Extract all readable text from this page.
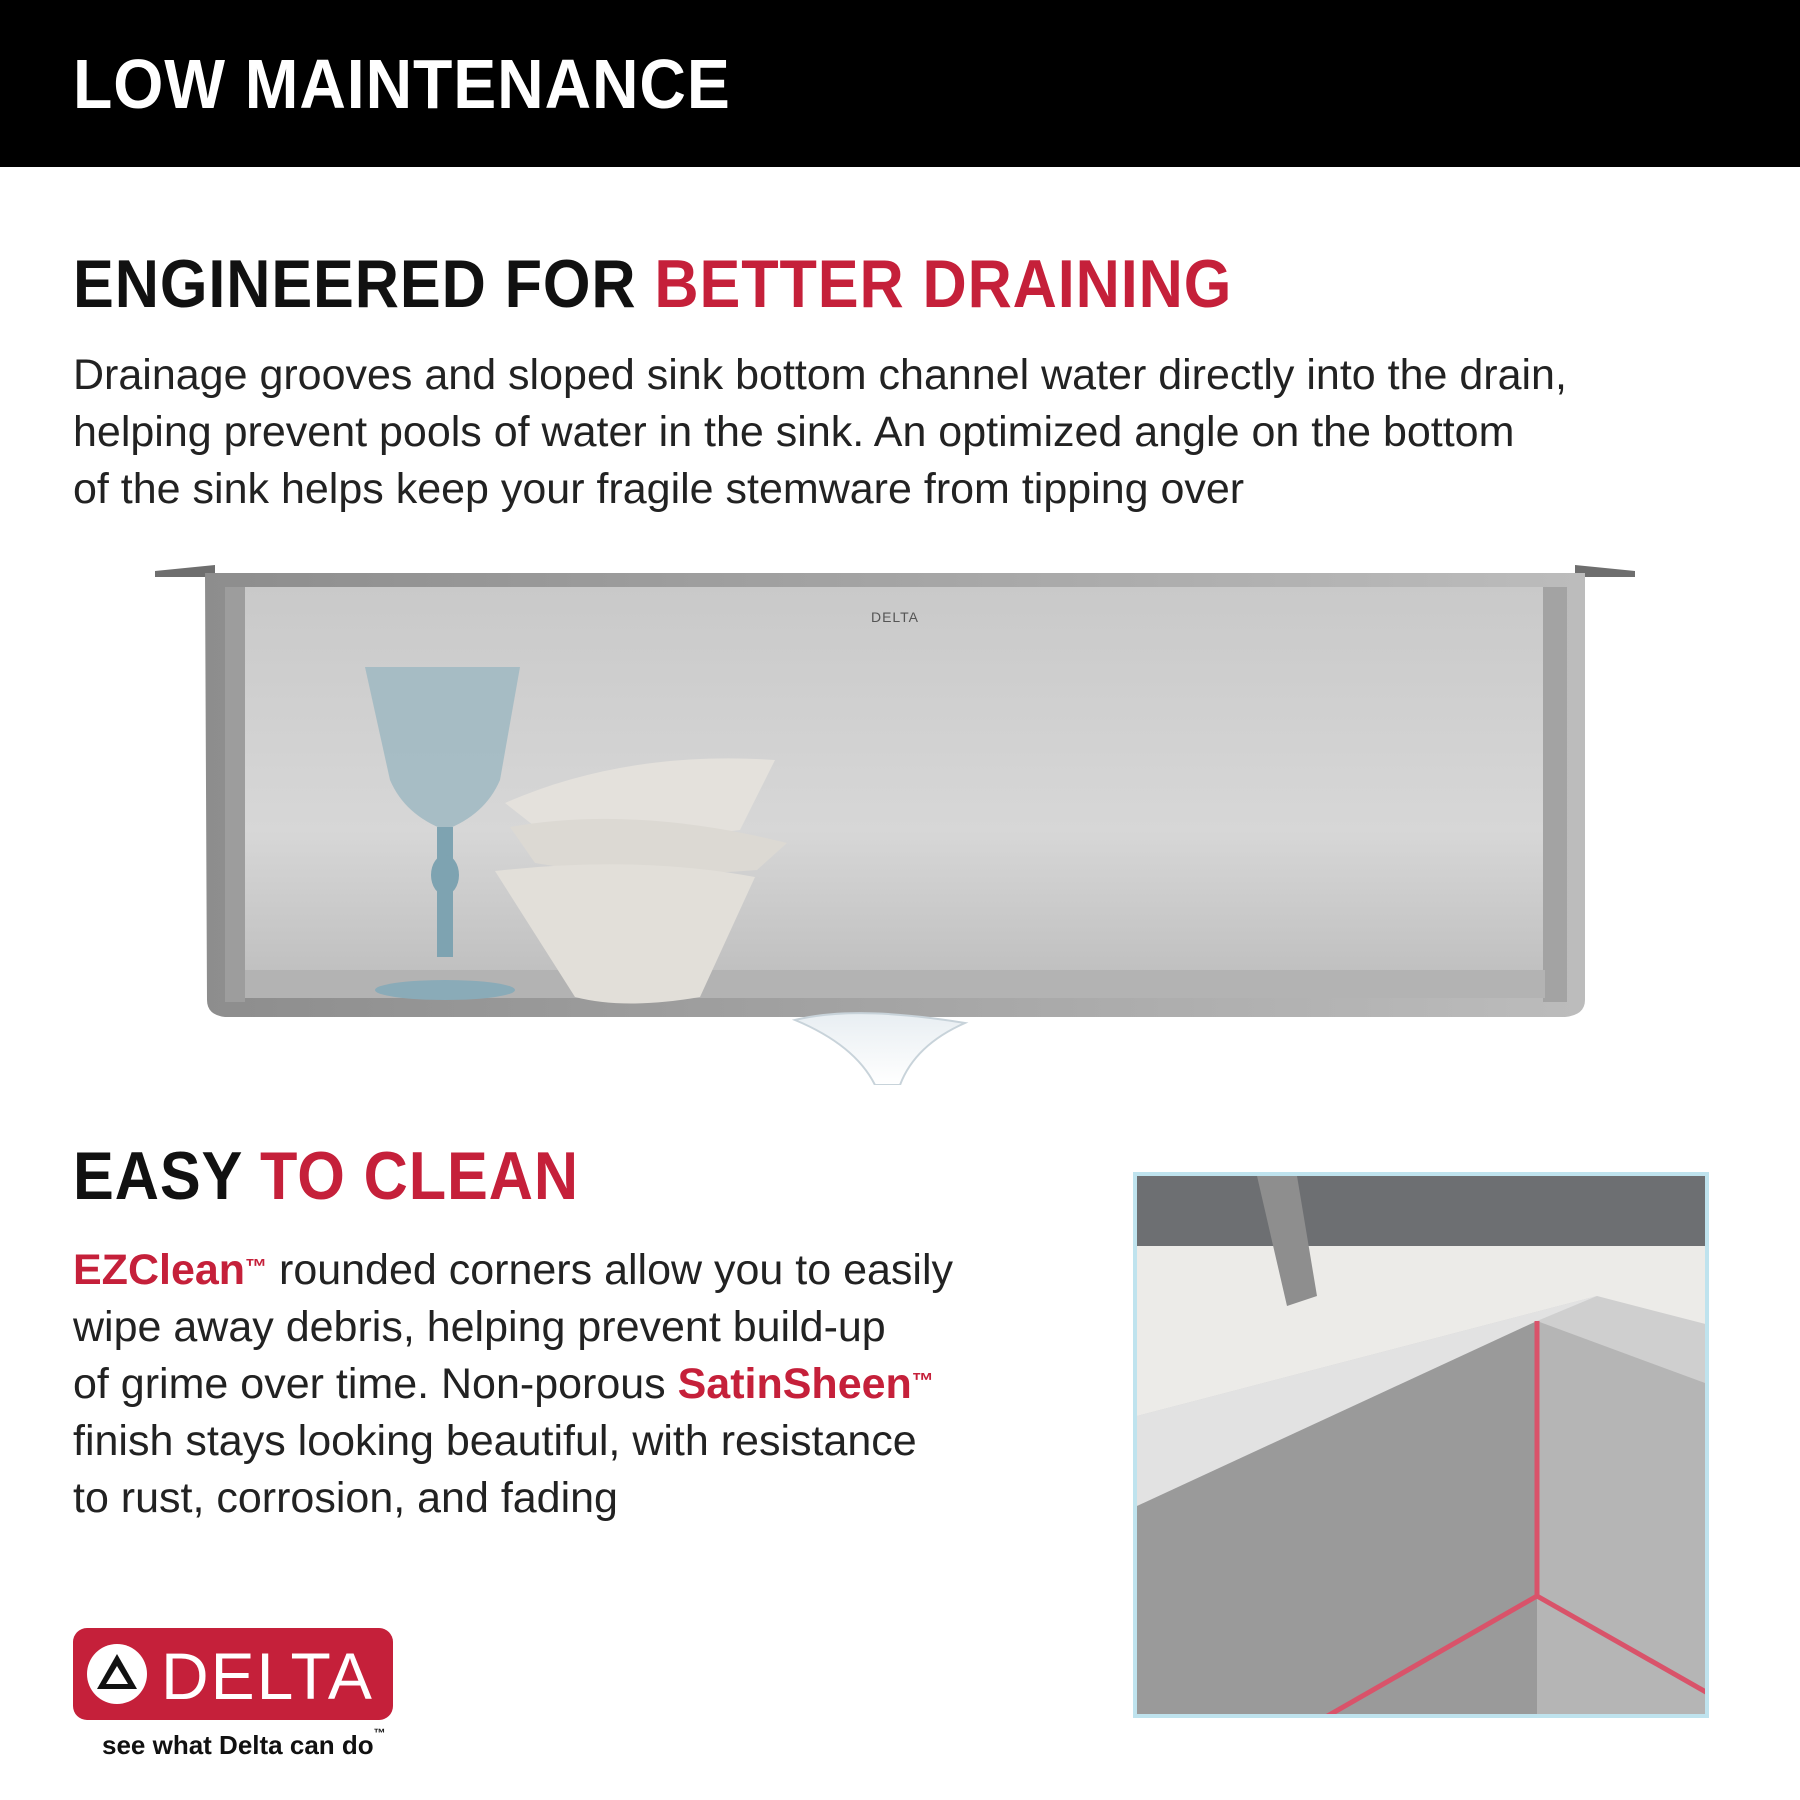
LOW MAINTENANCE
ENGINEERED FOR BETTER DRAINING
Drainage grooves and sloped sink bottom channel water directly into the drain,
helping prevent pools of water in the sink. An optimized angle on the bottom
of the sink helps keep your fragile stemware from tipping over
DELTA
EASY TO CLEAN
EZClean™ rounded corners allow you to easily
wipe away debris, helping prevent build-up
of grime over time. Non-porous SatinSheen™
finish stays looking beautiful, with resistance
to rust, corrosion, and fading
DELTA
see what Delta can do™
